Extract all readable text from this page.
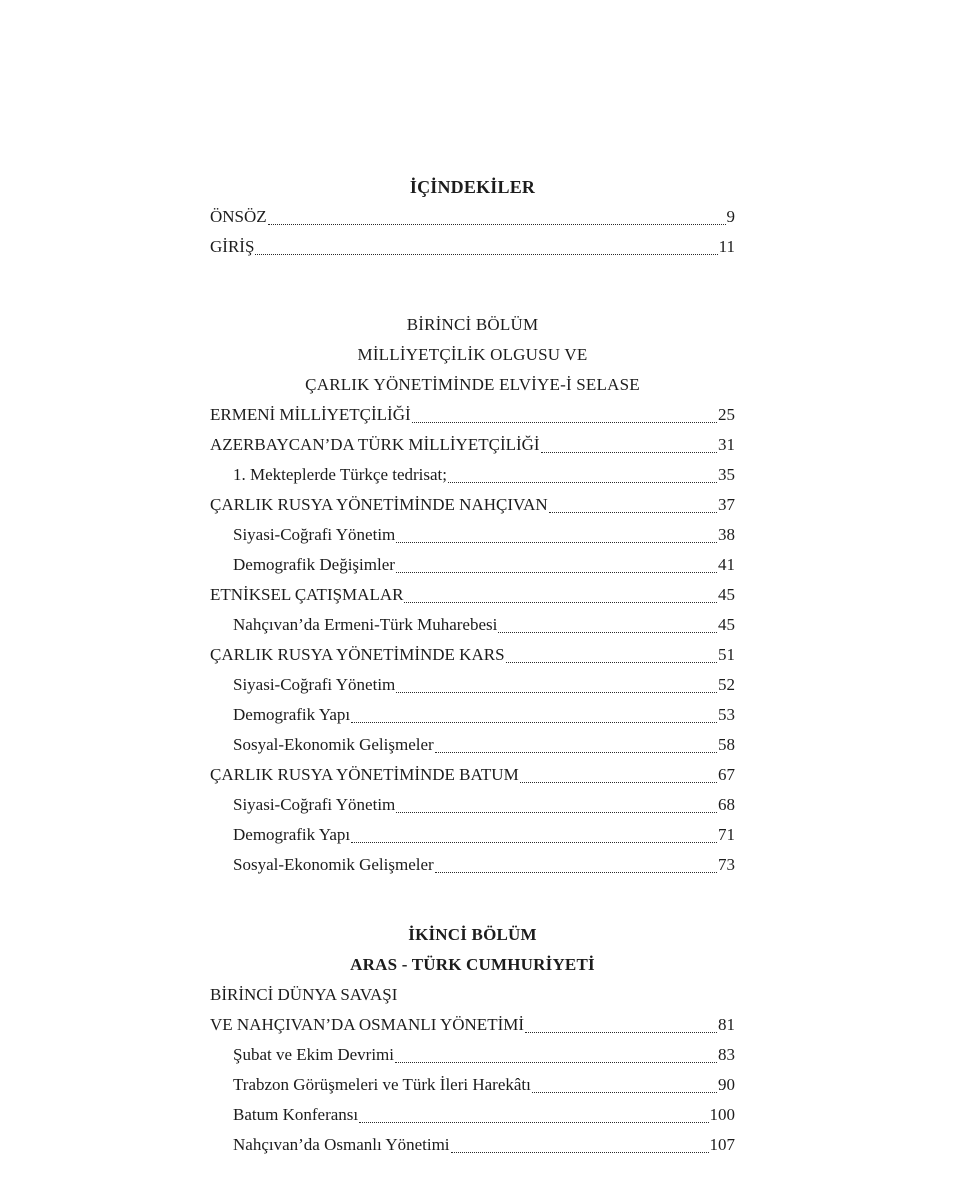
İÇİNDEKİLER
ÖNSÖZ	9
GİRİŞ	11
BİRİNCİ BÖLÜM
MİLLİYETÇİLİK OLGUSU VE
ÇARLIK YÖNETİMİNDE ELVİYE-İ SELASE
ERMENİ MİLLİYETÇİLİĞİ	25
AZERBAYCAN’DA TÜRK MİLLİYETÇİLİĞİ	31
1. Mekteplerde Türkçe tedrisat;	35
ÇARLIK RUSYA YÖNETİMİNDE NAHÇIVAN	37
Siyasi-Coğrafi Yönetim	38
Demografik Değişimler	41
ETNİKSEL ÇATIŞMALAR	45
Nahçıvan’da Ermeni-Türk Muharebesi	45
ÇARLIK RUSYA YÖNETİMİNDE KARS	51
Siyasi-Coğrafi Yönetim	52
Demografik Yapı	53
Sosyal-Ekonomik Gelişmeler	58
ÇARLIK RUSYA YÖNETİMİNDE BATUM	67
Siyasi-Coğrafi Yönetim	68
Demografik Yapı	71
Sosyal-Ekonomik Gelişmeler	73
İKİNCİ BÖLÜM
ARAS - TÜRK CUMHURİYETİ
BİRİNCİ DÜNYA SAVAŞI
VE NAHÇIVAN’DA OSMANLI YÖNETİMİ	81
Şubat ve Ekim Devrimi	83
Trabzon Görüşmeleri ve Türk İleri Harekâtı	90
Batum Konferansı	100
Nahçıvan’da Osmanlı Yönetimi	107
